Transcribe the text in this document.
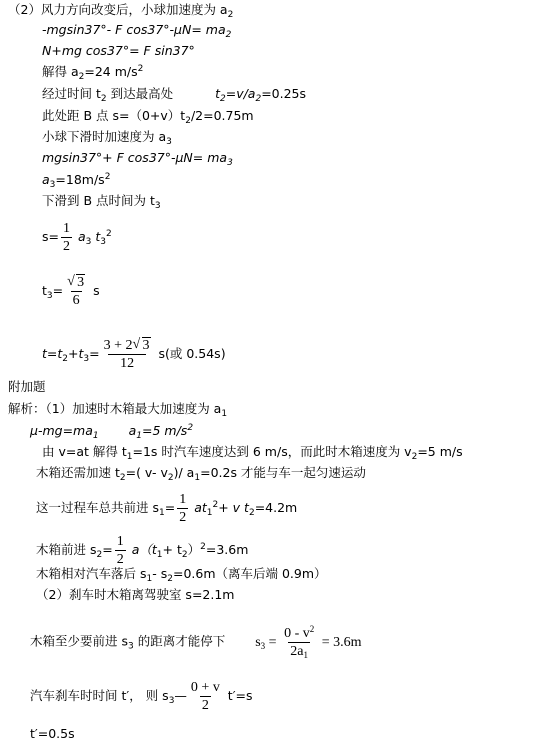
（2）风力方向改变后，小球加速度为 $a_2$
-mgsin37°- F $\cos 37^\circ-\mu N= ma_2$
N+mg cos37°= F sin37°
解得 $a_2=24$ $m/s^2$
经过时间 $t_2$ 到达最高处	$t_2=v/a_2=0.25s$
此处距 B 点 $s=(0+v)t_2/2=0.75m$
小球下滑时加速度为 $a_3$
mgsin37°+ F $\cos 37^\circ-\mu N= ma_3$
$a_3=18m/s^2$
下滑到 B 点时间为 $t_3$
$s= \frac{1}{2} a_3$ $t_3^2$
$t_3=$ √ $\frac{3}{6}$ s
$t=t_2+t_3= \frac{3 + 2 √ 3}{12} s$(或 0.54s)
附加题
解析：（1）加速时木箱最大加速度为 $a_1$
$\mu-mg=ma_1$ $a_1=5$ $m/s^2$
由 v=at 解得 $t_1=1s$ 时汽车速度达到 6 m/s，而此时木箱速度为 $v_2=5$ m/s
木箱还需加速 $t_2=$( v- $v_2)/$ $a_1=0.2s$ 才能与车一起匀速运动
这一过程车总共前进 $s_1= \frac{1}{2} at_1^2+ v$ $t_2=4.2m$
木箱前进 $s_2= \frac{1}{2} a(t_1+ t_2)^2=3.6m$
木箱相对汽车落后 $s_1-$ $s_2=0.6m$（离车后端 0.9m）
（2）刹车时木箱离驾驶室 s=2.1m
木箱至少要前进 $s_3$ 的距离才能停下 $s_3 = \frac{0 - v^2}{2a_1} = 3.6m$
汽车刹车时时间 t′， 则 $s_3— \frac{0 + v}{2} t'=s$
t′=0.5s
